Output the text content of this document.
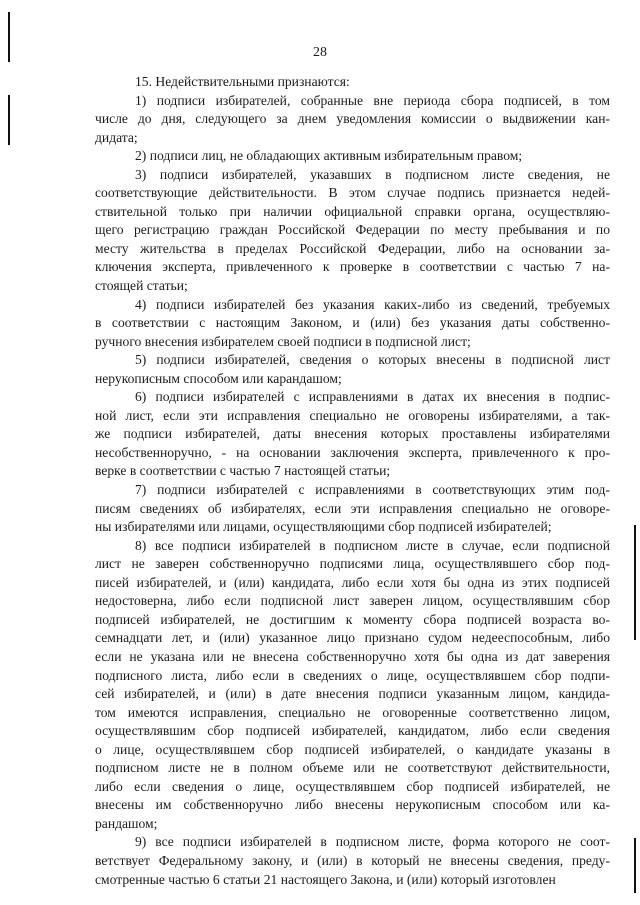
28
15. Недействительными признаются:
1) подписи избирателей, собранные вне периода сбора подписей, в том
числе до дня, следующего за днем уведомления комиссии о выдвижении кан-
дидата;
2) подписи лиц, не обладающих активным избирательным правом;
3) подписи избирателей, указавших в подписном листе сведения, не
соответствующие действительности. В этом случае подпись признается недей-
ствительной только при наличии официальной справки органа, осуществляю-
щего регистрацию граждан Российской Федерации по месту пребывания и по
месту жительства в пределах Российской Федерации, либо на основании за-
ключения эксперта, привлеченного к проверке в соответствии с частью 7 на-
стоящей статьи;
4) подписи избирателей без указания каких-либо из сведений, требуемых
в соответствии с настоящим Законом, и (или) без указания даты собственно-
ручного внесения избирателем своей подписи в подписной лист;
5) подписи избирателей, сведения о которых внесены в подписной лист
нерукописным способом или карандашом;
6) подписи избирателей с исправлениями в датах их внесения в подпис-
ной лист, если эти исправления специально не оговорены избирателями, а так-
же подписи избирателей, даты внесения которых проставлены избирателями
несобственноручно, - на основании заключения эксперта, привлеченного к про-
верке в соответствии с частью 7 настоящей статьи;
7) подписи избирателей с исправлениями в соответствующих этим под-
писям сведениях об избирателях, если эти исправления специально не оговоре-
ны избирателями или лицами, осуществляющими сбор подписей избирателей;
8) все подписи избирателей в подписном листе в случае, если подписной
лист не заверен собственноручно подписями лица, осуществлявшего сбор под-
писей избирателей, и (или) кандидата, либо если хотя бы одна из этих подписей
недостоверна, либо если подписной лист заверен лицом, осуществлявшим сбор
подписей избирателей, не достигшим к моменту сбора подписей возраста во-
семнадцати лет, и (или) указанное лицо признано судом недееспособным, либо
если не указана или не внесена собственноручно хотя бы одна из дат заверения
подписного листа, либо если в сведениях о лице, осуществлявшем сбор подпи-
сей избирателей, и (или) в дате внесения подписи указанным лицом, кандида-
том имеются исправления, специально не оговоренные соответственно лицом,
осуществлявшим сбор подписей избирателей, кандидатом, либо если сведения
о лице, осуществлявшем сбор подписей избирателей, о кандидате указаны в
подписном листе не в полном объеме или не соответствуют действительности,
либо если сведения о лице, осуществлявшем сбор подписей избирателей, не
внесены им собственноручно либо внесены нерукописным способом или ка-
рандашом;
9) все подписи избирателей в подписном листе, форма которого не соот-
ветствует Федеральному закону, и (или) в который не внесены сведения, преду-
смотренные частью 6 статьи 21 настоящего Закона, и (или) который изготовлен
